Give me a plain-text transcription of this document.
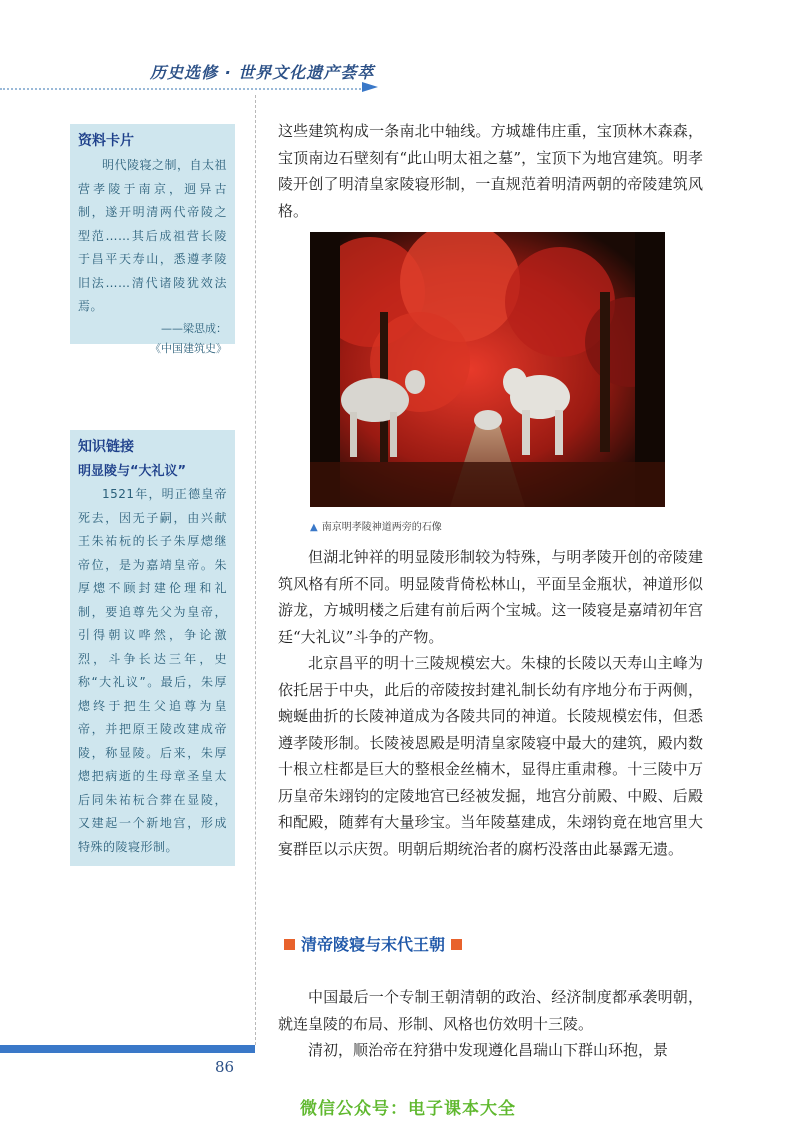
历史选修 · 世界文化遗产荟萃
资料卡片
明代陵寝之制，自太祖营孝陵于南京，迥异古制，遂开明清两代帝陵之型范……其后成祖营长陵于昌平天寿山，悉遵孝陵旧法……清代诸陵犹效法焉。
——梁思成：
《中国建筑史》
知识链接
明显陵与“大礼议”
1521年，明正德皇帝死去，因无子嗣，由兴献王朱祐杬的长子朱厚熜继帝位，是为嘉靖皇帝。朱厚熜不顾封建伦理和礼制，要追尊先父为皇帝，引得朝议哗然，争论激烈，斗争长达三年，史称“大礼议”。最后，朱厚熜终于把生父追尊为皇帝，并把原王陵改建成帝陵，称显陵。后来，朱厚熜把病逝的生母章圣皇太后同朱祐杬合葬在显陵，又建起一个新地宫，形成特殊的陵寝形制。

这些建筑构成一条南北中轴线。方城雄伟庄重，宝顶林木森森，宝顶南边石壁刻有“此山明太祖之墓”，宝顶下为地宫建筑。明孝陵开创了明清皇家陵寝形制，一直规范着明清两朝的帝陵建筑风格。

▲ 南京明孝陵神道两旁的石像

但湖北钟祥的明显陵形制较为特殊，与明孝陵开创的帝陵建筑风格有所不同。明显陵背倚松林山，平面呈金瓶状，神道形似游龙，方城明楼之后建有前后两个宝城。这一陵寝是嘉靖初年宫廷“大礼议”斗争的产物。

北京昌平的明十三陵规模宏大。朱棣的长陵以天寿山主峰为依托居于中央，此后的帝陵按封建礼制长幼有序地分布于两侧，蜿蜒曲折的长陵神道成为各陵共同的神道。长陵规模宏伟，但悉遵孝陵形制。长陵祾恩殿是明清皇家陵寝中最大的建筑，殿内数十根立柱都是巨大的整根金丝楠木，显得庄重肃穆。十三陵中万历皇帝朱翊钧的定陵地宫已经被发掘，地宫分前殿、中殿、后殿和配殿，随葬有大量珍宝。当年陵墓建成，朱翊钧竟在地宫里大宴群臣以示庆贺。明朝后期统治者的腐朽没落由此暴露无遗。

清帝陵寝与末代王朝

中国最后一个专制王朝清朝的政治、经济制度都承袭明朝，就连皇陵的布局、形制、风格也仿效明十三陵。

清初，顺治帝在狩猎中发现遵化昌瑞山下群山环抱，景

86
微信公众号：电子课本大全
